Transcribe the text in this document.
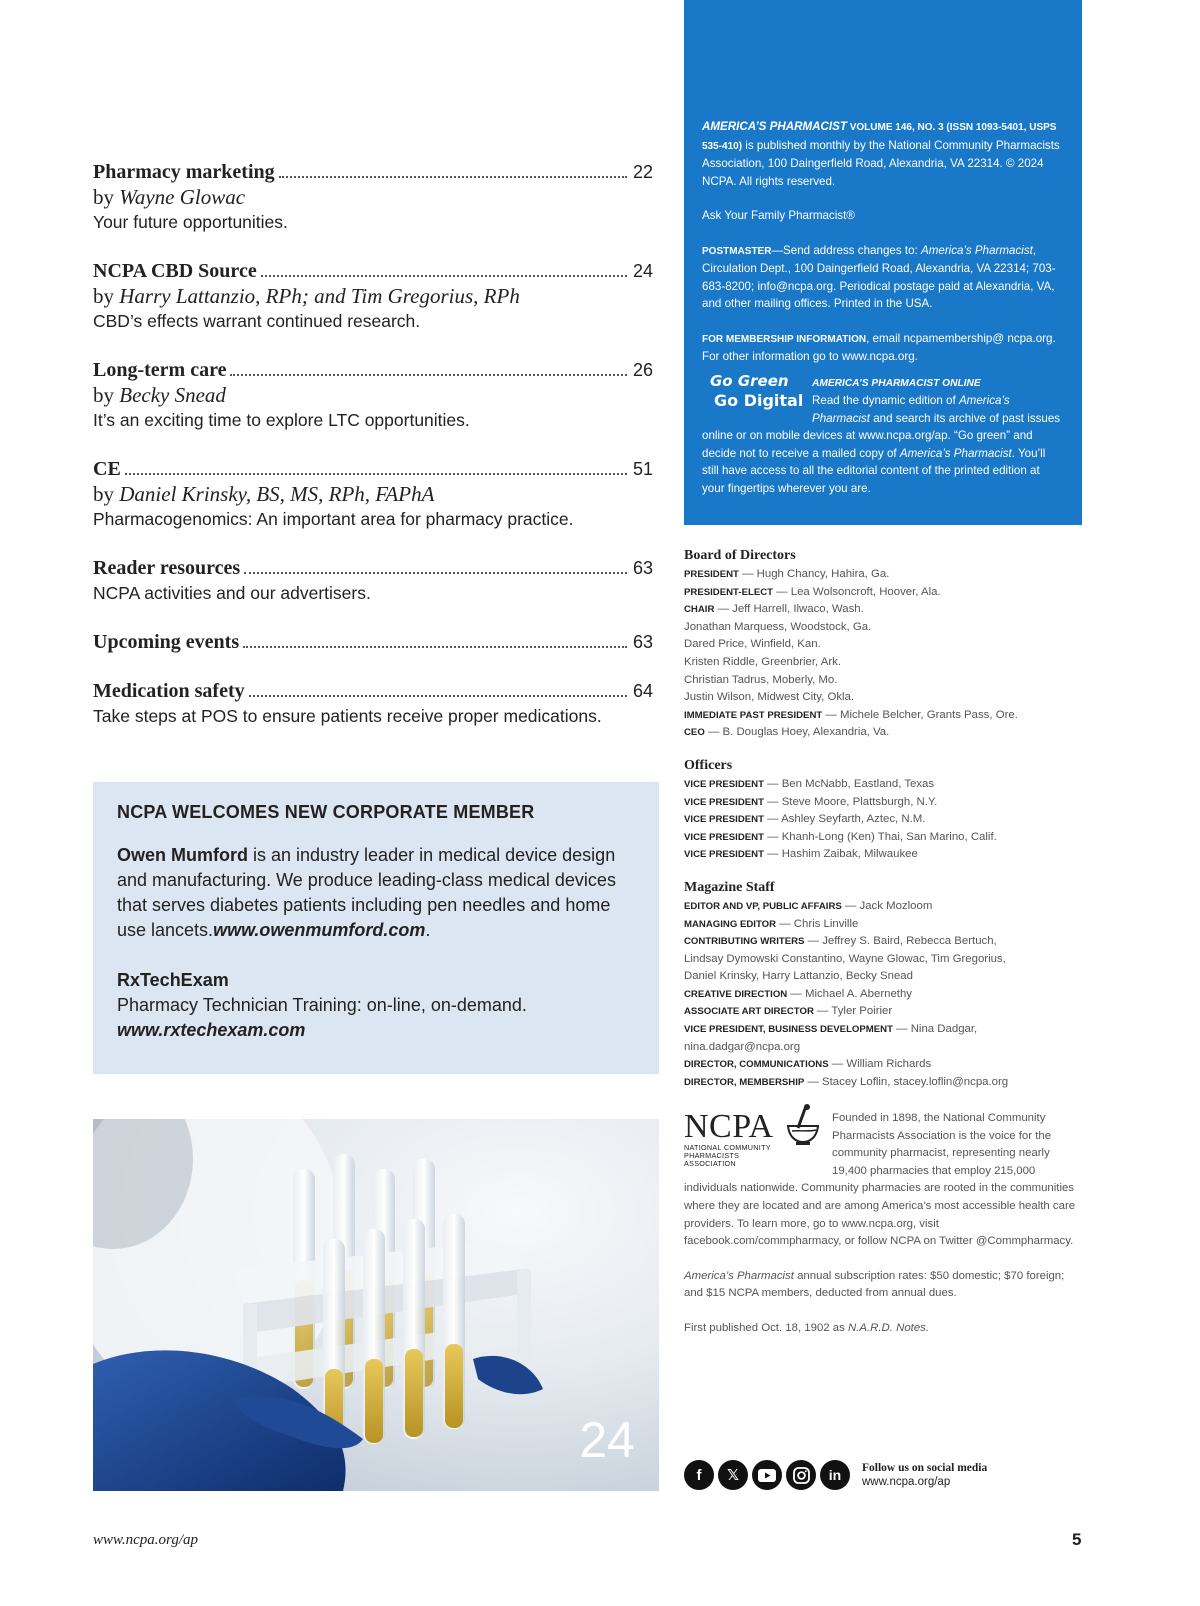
Pharmacy marketing	22
by Wayne Glowac
Your future opportunities.
NCPA CBD Source	24
by Harry Lattanzio, RPh; and Tim Gregorius, RPh
CBD’s effects warrant continued research.
Long-term care	26
by Becky Snead
It’s an exciting time to explore LTC opportunities.
CE	51
by Daniel Krinsky, BS, MS, RPh, FAPhA
Pharmacogenomics: An important area for pharmacy practice.
Reader resources	63
NCPA activities and our advertisers.
Upcoming events	63
Medication safety	64
Take steps at POS to ensure patients receive proper medications.
NCPA WELCOMES NEW CORPORATE MEMBER

Owen Mumford is an industry leader in medical device design and manufacturing. We produce leading-class medical devices that serves diabetes patients including pen needles and home use lancets.www.owenmumford.com.

RxTechExam
Pharmacy Technician Training: on-line, on-demand.
www.rxtechexam.com

24

AMERICA’S PHARMACIST VOLUME 146, NO. 3 (ISSN 1093-5401, USPS 535-410) is published monthly by the National Community Pharmacists Association, 100 Daingerfield Road, Alexandria, VA 22314. © 2024 NCPA. All rights reserved.

Ask Your Family Pharmacist®

POSTMASTER—Send address changes to: America’s Pharmacist, Circulation Dept., 100 Daingerfield Road, Alexandria, VA 22314; 703-683-8200; info@ncpa.org. Periodical postage paid at Alexandria, VA, and other mailing offices. Printed in the USA.

FOR MEMBERSHIP INFORMATION, email ncpamembership@ ncpa.org. For other information go to www.ncpa.org.

Go Green
Go Digital
AMERICA’S PHARMACIST ONLINE
Read the dynamic edition of America’s Pharmacist and search its archive of past issues online or on mobile devices at www.ncpa.org/ap. “Go green” and decide not to receive a mailed copy of America’s Pharmacist. You’ll still have access to all the editorial content of the printed edition at your fingertips wherever you are.
Board of Directors
PRESIDENT — Hugh Chancy, Hahira, Ga.
PRESIDENT-ELECT — Lea Wolsoncroft, Hoover, Ala.
CHAIR — Jeff Harrell, Ilwaco, Wash.
Jonathan Marquess, Woodstock, Ga.
Dared Price, Winfield, Kan.
Kristen Riddle, Greenbrier, Ark.
Christian Tadrus, Moberly, Mo.
Justin Wilson, Midwest City, Okla.
IMMEDIATE PAST PRESIDENT — Michele Belcher, Grants Pass, Ore.
CEO — B. Douglas Hoey, Alexandria, Va.
Officers
VICE PRESIDENT — Ben McNabb, Eastland, Texas
VICE PRESIDENT — Steve Moore, Plattsburgh, N.Y.
VICE PRESIDENT — Ashley Seyfarth, Aztec, N.M.
VICE PRESIDENT — Khanh-Long (Ken) Thai, San Marino, Calif.
VICE PRESIDENT — Hashim Zaibak, Milwaukee
Magazine Staff
EDITOR AND VP, PUBLIC AFFAIRS — Jack Mozloom
MANAGING EDITOR — Chris Linville
CONTRIBUTING WRITERS — Jeffrey S. Baird, Rebecca Bertuch,
Lindsay Dymowski Constantino, Wayne Glowac, Tim Gregorius,
Daniel Krinsky, Harry Lattanzio, Becky Snead
CREATIVE DIRECTION — Michael A. Abernethy
ASSOCIATE ART DIRECTOR — Tyler Poirier
VICE PRESIDENT, BUSINESS DEVELOPMENT — Nina Dadgar,
nina.dadgar@ncpa.org
DIRECTOR, COMMUNICATIONS — William Richards
DIRECTOR, MEMBERSHIP — Stacey Loflin, stacey.loflin@ncpa.org

NCPA
NATIONAL COMMUNITY PHARMACISTS ASSOCIATION
Founded in 1898, the National Community Pharmacists Association is the voice for the community pharmacist, representing nearly 19,400 pharmacies that employ 215,000 individuals nationwide. Community pharmacies are rooted in the communities where they are located and are among America’s most accessible health care providers. To learn more, go to www.ncpa.org, visit facebook.com/commpharmacy, or follow NCPA on Twitter @Commpharmacy.

America’s Pharmacist annual subscription rates: $50 domestic; $70 foreign; and $15 NCPA members, deducted from annual dues.

First published Oct. 18, 1902 as N.A.R.D. Notes.

f	𝕏	in	Follow us on social media
www.ncpa.org/ap
www.ncpa.org/ap	5
